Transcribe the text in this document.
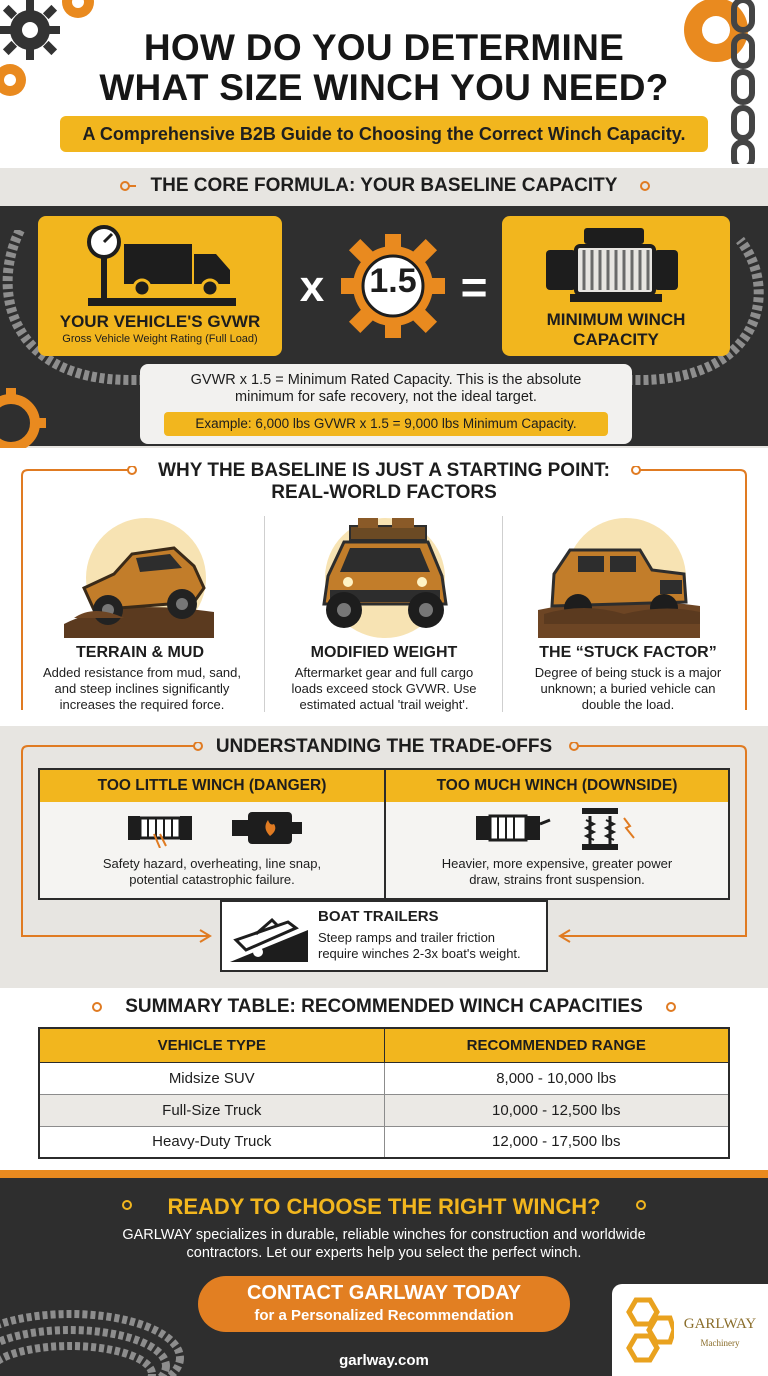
HOW DO YOU DETERMINE
WHAT SIZE WINCH YOU NEED?
A Comprehensive B2B Guide to Choosing the Correct Winch Capacity.
THE CORE FORMULA: YOUR BASELINE CAPACITY
YOUR VEHICLE'S GVWR
Gross Vehicle Weight Rating (Full Load)
x	1.5 =
MINIMUM WINCH
CAPACITY
GVWR x 1.5 = Minimum Rated Capacity. This is the absolute
minimum for safe recovery, not the ideal target.
Example: 6,000 lbs GVWR x 1.5 = 9,000 lbs Minimum Capacity.
WHY THE BASELINE IS JUST A STARTING POINT:
REAL-WORLD FACTORS
TERRAIN & MUD
Added resistance from mud, sand,
and steep inclines significantly
increases the required force.
MODIFIED WEIGHT
Aftermarket gear and full cargo
loads exceed stock GVWR. Use
estimated actual 'trail weight'.
THE “STUCK FACTOR”
Degree of being stuck is a major
unknown; a buried vehicle can
double the load.
UNDERSTANDING THE TRADE-OFFS
TOO LITTLE WINCH (DANGER)	TOO MUCH WINCH (DOWNSIDE)
Safety hazard, overheating, line snap,
potential catastrophic failure.
Heavier, more expensive, greater power
draw, strains front suspension.
BOAT TRAILERS
Steep ramps and trailer friction
require winches 2-3x boat's weight.
SUMMARY TABLE: RECOMMENDED WINCH CAPACITIES
VEHICLE TYPE	RECOMMENDED RANGE
Midsize SUV	8,000 - 10,000 lbs
Full-Size Truck	10,000 - 12,500 lbs
Heavy-Duty Truck	12,000 - 17,500 lbs
READY TO CHOOSE THE RIGHT WINCH?
GARLWAY specializes in durable, reliable winches for construction and worldwide
contractors. Let our experts help you select the perfect winch.
CONTACT GARLWAY TODAY
for a Personalized Recommendation
garlway.com
GARLWAY
Machinery
